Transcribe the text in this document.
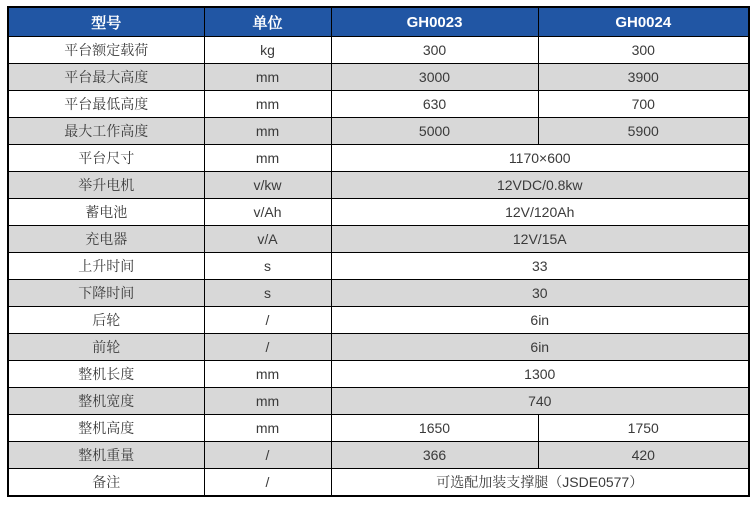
型号	单位	GH0023	GH0024
平台额定载荷	kg	300	300
平台最大高度	mm	3000	3900
平台最低高度	mm	630	700
最大工作高度	mm	5000	5900
平台尺寸	mm	1170×600	
举升电机	v/kw	12VDC/0.8kw	
蓄电池	v/Ah	12V/120Ah	
充电器	v/A	12V/15A	
上升时间	s	33	
下降时间	s	30	
后轮	/	6in	
前轮	/	6in	
整机长度	mm	1300	
整机宽度	mm	740	
整机高度	mm	1650	1750
整机重量	/	366	420
备注	/	可选配加装支撑腿（JSDE0577）	
